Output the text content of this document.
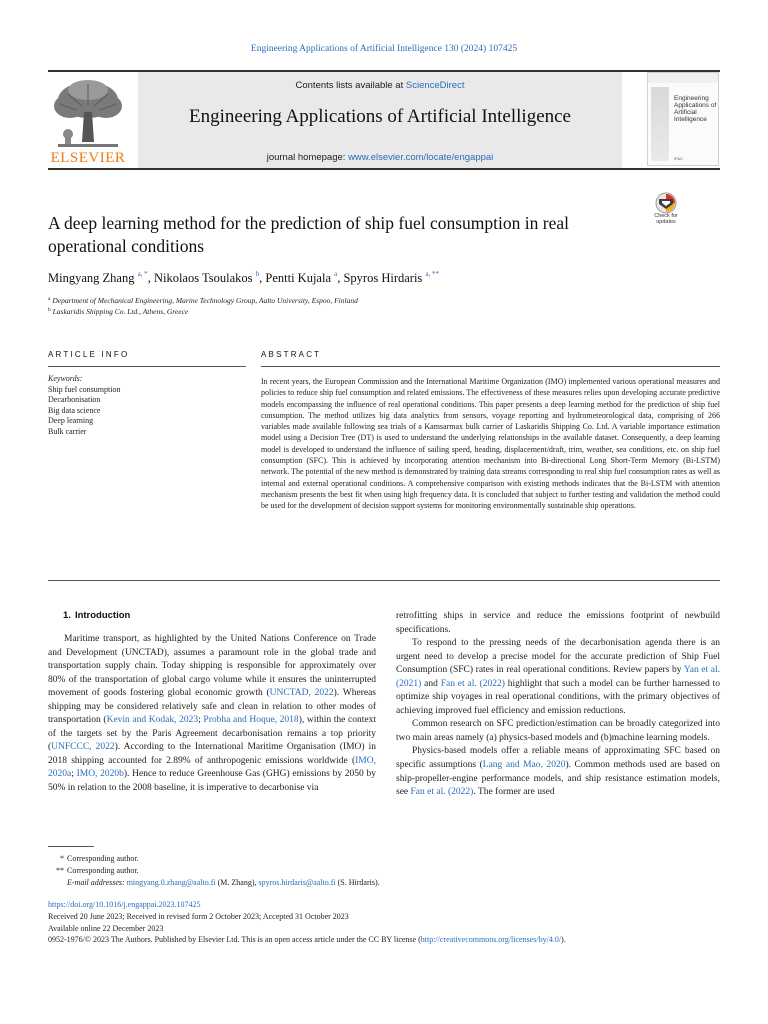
Engineering Applications of Artificial Intelligence 130 (2024) 107425
ELSEVIER
Contents lists available at ScienceDirect
Engineering Applications of Artificial Intelligence
journal homepage: www.elsevier.com/locate/engappai
Engineering Applications of Artificial Intelligence
IFAC
A deep learning method for the prediction of ship fuel consumption in real operational conditions
Check for
updates
Mingyang Zhang $^{a, *}$, Nikolaos Tsoulakos $^b$, Pentti Kujala $^a$, Spyros Hirdaris $^{a, **}$
$^a$ Department of Mechanical Engineering, Marine Technology Group, Aalto University, Espoo, Finland
$^b$ Laskaridis Shipping Co. Ltd., Athens, Greece
ARTICLE INFO	ABSTRACT
Keywords:
Ship fuel consumption
Decarbonisation
Big data science
Deep learning
Bulk carrier
In recent years, the European Commission and the International Maritime Organization (IMO) implemented various operational measures and policies to reduce ship fuel consumption and related emissions. The effectiveness of these measures relies upon developing accurate predictive models encompassing the influence of real operational conditions. This paper presents a deep learning method for the prediction of ship fuel consumption. The method utilizes big data analytics from sensors, voyage reporting and hydrometeorological data, comprising of 266 variables made available following sea trials of a Kamsarmax bulk carrier of Laskaridis Shipping Co. Ltd. A variable importance estimation model using a Decision Tree (DT) is used to understand the underlying relationships in the available dataset. Consequently, a deep learning model is developed to understand the influence of sailing speed, heading, displacement/draft, trim, weather, sea conditions, etc. on ship fuel consumption (SFC). This is achieved by incorporating attention mechanism into Bi-directional Long Short-Term Memory (Bi-LSTM) network. The potential of the new method is demonstrated by training data streams corresponding to real ship fuel consumption rates as well as internal and external operational conditions. A comprehensive comparison with existing methods indicates that the Bi-LSTM with attention mechanism presents the best fit when using high frequency data. It is concluded that subject to further testing and validation the method could be used for the development of decision support systems for monitoring environmentally sustainable ship operations.
1. Introduction

Maritime transport, as highlighted by the United Nations Conference on Trade and Development (UNCTAD), assumes a paramount role in the global trade and transportation supply chain. Today shipping is responsible for approximately over 80% of the transportation of global cargo volume while it ensures the uninterrupted movement of goods fostering global economic growth (UNCTAD, 2022). Whereas shipping may be considered relatively safe and clean in relation to other modes of transportation (Kevin and Kodak, 2023; Probha and Hoque, 2018), within the context of the targets set by the Paris Agreement decarbonisation remains a top priority (UNFCCC, 2022). According to the International Maritime Organisation (IMO) in 2018 shipping accounted for 2.89% of anthropogenic emissions worldwide (IMO, 2020a; IMO, 2020b). Hence to reduce Greenhouse Gas (GHG) emissions by 2050 by 50% in relation to the 2008 baseline, it is imperative to decarbonise via

retrofitting ships in service and reduce the emissions footprint of newbuild specifications.

To respond to the pressing needs of the decarbonisation agenda there is an urgent need to develop a precise model for the accurate prediction of Ship Fuel Consumption (SFC) rates in real operational conditions. Review papers by Yan et al. (2021) and Fan et al. (2022) highlight that such a model can be further harnessed to optimize ship voyages in real operational conditions, with the primary objectives of achieving improved fuel efficiency and emission reductions.

Common research on SFC prediction/estimation can be broadly categorized into two main areas namely (a) physics-based models and (b)machine learning models.

Physics-based models offer a reliable means of approximating SFC based on specific assumptions (Lang and Mao, 2020). Common methods used are based on ship-propeller-engine performance models, and ship resistance estimation models, see Fan et al. (2022). The former are used

* Corresponding author.
** Corresponding author.
E-mail addresses: mingyang.0.zhang@aalto.fi (M. Zhang), spyros.hirdaris@aalto.fi (S. Hirdaris).
https://doi.org/10.1016/j.engappai.2023.107425
Received 20 June 2023; Received in revised form 2 October 2023; Accepted 31 October 2023
Available online 22 December 2023
0952-1976/© 2023 The Authors. Published by Elsevier Ltd. This is an open access article under the CC BY license (http://creativecommons.org/licenses/by/4.0/).
